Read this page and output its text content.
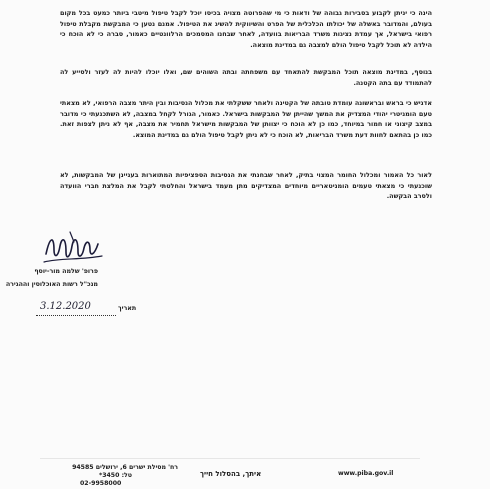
הינה כי יניתן לקבוע בסבירות גבוהה של ודאות כי מי שהפרוטה מצויה בכיסו יוכל לקבל טיפול מיטבי ביותר כמעט בכל מקום בעולם, והמדובר באשלה של יכולתו הכלכלית של הפרט והשיווקית להשיג את הטיפול. אמנם נטען כי המבקשת מקבלת טיפול רפואי בישראל, אך עמדת נציגות משרד הבריאות בוועדה, לאחר שבחנו המסמכים הרלוונטיים כאמור, סברה כי לא הוכח כי הילדה לא תוכל לקבל טיפול הולם למצבה גם במדינת מוצאה.
בנוסף, במדינת מוצאה תוכל המבקשת להתאחד עם משפחתה ובתה השוהים שם, ואלו יוכלו להיות לה לעזר ולסייע לה להתמודד עם בתה הקטנה.
אדגיש כי בראש ובראשונה עומדת טובתה של הקטינה ולאחר ששקלתי את מכלול הנסיבות ובין היתר מצבה הרפואי, לא מצאתי טעם הומניטרי יהודי המצדיק את המשך שהייתן של המבקשות בישראל. כאמור, הגורל לקחל במצבה, לא השתכנעתי כי מדובר במצב קיצוני או חמור במיוחד, כמו כן לא הוכח כי יצוותן של המבקשות מישראל תחמיר את מצבה, אף לא ניתן לצפות זאת. כמו כן בהתאם לחוות דעת משרד הבריאות, לא הוכח כי לא ניתן לקבל טיפול הולם גם במדינת המוצא.
לאור כל האמור ומכלול החומר המצוי בתיק, לאחר שבחנתי את הנסיבות הספציפיות המתוארות בעניינן של המבקשות, לא שוכנעתי כי מצאתי טעמים הומניטאריים מיוחדים המצדיקים מתן מעמד בישראל והחלטתי לקבל את המלצת חברי הוועדה ולסרב הבקשה.
פרופ' שלמה מור-יוסף
מנכ"ל רשות האוכלוסין וההגירה
3.12.2020	תאריך
רח' מסילת ישרים 6, ירושלים 94585
טל: 3450*
02-9958000
איתך, בהסלול חייך	www.piba.gov.il
